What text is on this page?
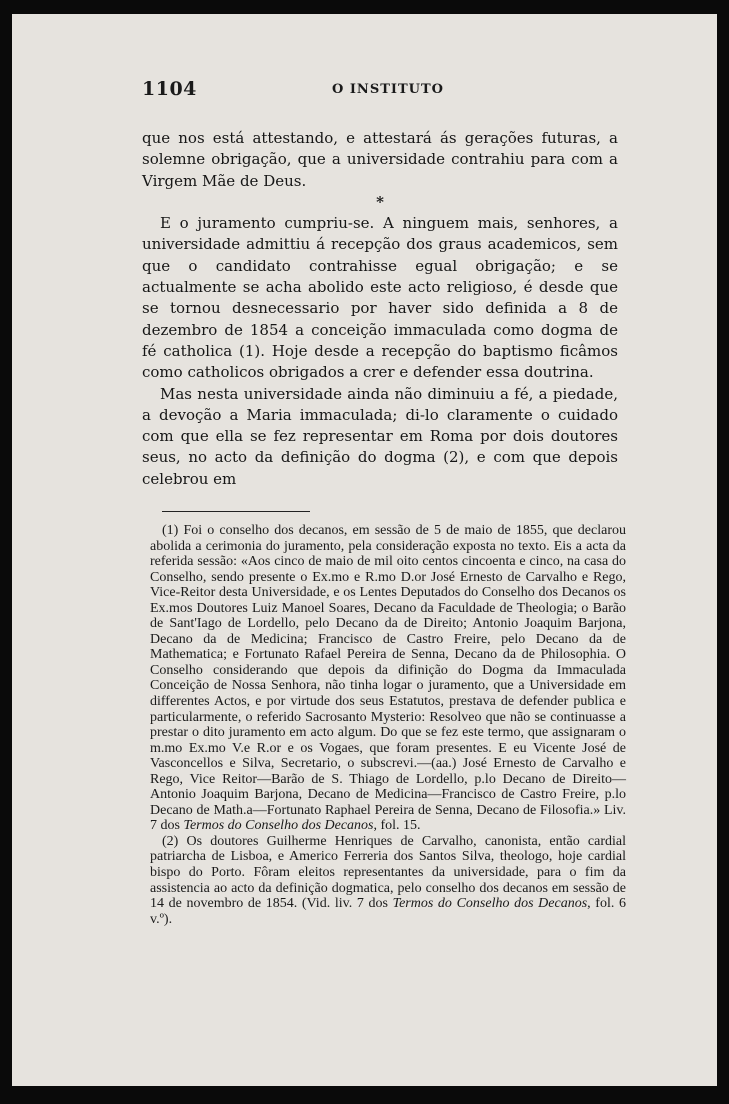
1104	O INSTITUTO

que nos está attestando, e attestará ás gerações futuras, a solemne obrigação, que a universidade contrahiu para com a Virgem Mãe de Deus.

*

E o juramento cumpriu-se. A ninguem mais, senhores, a universidade admittiu á recepção dos graus academicos, sem que o candidato contrahisse egual obrigação; e se actualmente se acha abolido este acto religioso, é desde que se tornou desnecessario por haver sido definida a 8 de dezembro de 1854 a conceição immaculada como dogma de fé catholica (1). Hoje desde a recepção do baptismo ficâmos como catholicos obrigados a crer e defender essa doutrina.

Mas nesta universidade ainda não diminuiu a fé, a piedade, a devoção a Maria immaculada; di-lo claramente o cuidado com que ella se fez representar em Roma por dois doutores seus, no acto da definição do dogma (2), e com que depois celebrou em

(1) Foi o conselho dos decanos, em sessão de 5 de maio de 1855, que declarou abolida a cerimonia do juramento, pela consideração exposta no texto. Eis a acta da referida sessão: «Aos cinco de maio de mil oito centos cincoenta e cinco, na casa do Conselho, sendo presente o Ex.mo e R.mo D.or José Ernesto de Carvalho e Rego, Vice-Reitor desta Universidade, e os Lentes Deputados do Conselho dos Decanos os Ex.mos Doutores Luiz Manoel Soares, Decano da Faculdade de Theologia; o Barão de Sant'Iago de Lordello, pelo Decano da de Direito; Antonio Joaquim Barjona, Decano da de Medicina; Francisco de Castro Freire, pelo Decano da de Mathematica; e Fortunato Rafael Pereira de Senna, Decano da de Philosophia. O Conselho considerando que depois da difinição do Dogma da Immaculada Conceição de Nossa Senhora, não tinha logar o juramento, que a Universidade em differentes Actos, e por virtude dos seus Estatutos, prestava de defender publica e particularmente, o referido Sacrosanto Mysterio: Resolveo que não se continuasse a prestar o dito juramento em acto algum. Do que se fez este termo, que assignaram o m.mo Ex.mo V.e R.or e os Vogaes, que foram presentes. E eu Vicente José de Vasconcellos e Silva, Secretario, o subscrevi.—(aa.) José Ernesto de Carvalho e Rego, Vice Reitor—Barão de S. Thiago de Lordello, p.lo Decano de Direito—Antonio Joaquim Barjona, Decano de Medicina—Francisco de Castro Freire, p.lo Decano de Math.a—Fortunato Raphael Pereira de Senna, Decano de Filosofia.» Liv. 7 dos Termos do Conselho dos Decanos, fol. 15.

(2) Os doutores Guilherme Henriques de Carvalho, canonista, então cardial patriarcha de Lisboa, e Americo Ferreria dos Santos Silva, theologo, hoje cardial bispo do Porto. Fôram eleitos representantes da universidade, para o fim da assistencia ao acto da definição dogmatica, pelo conselho dos decanos em sessão de 14 de novembro de 1854. (Vid. liv. 7 dos Termos do Conselho dos Decanos, fol. 6 v.º).
